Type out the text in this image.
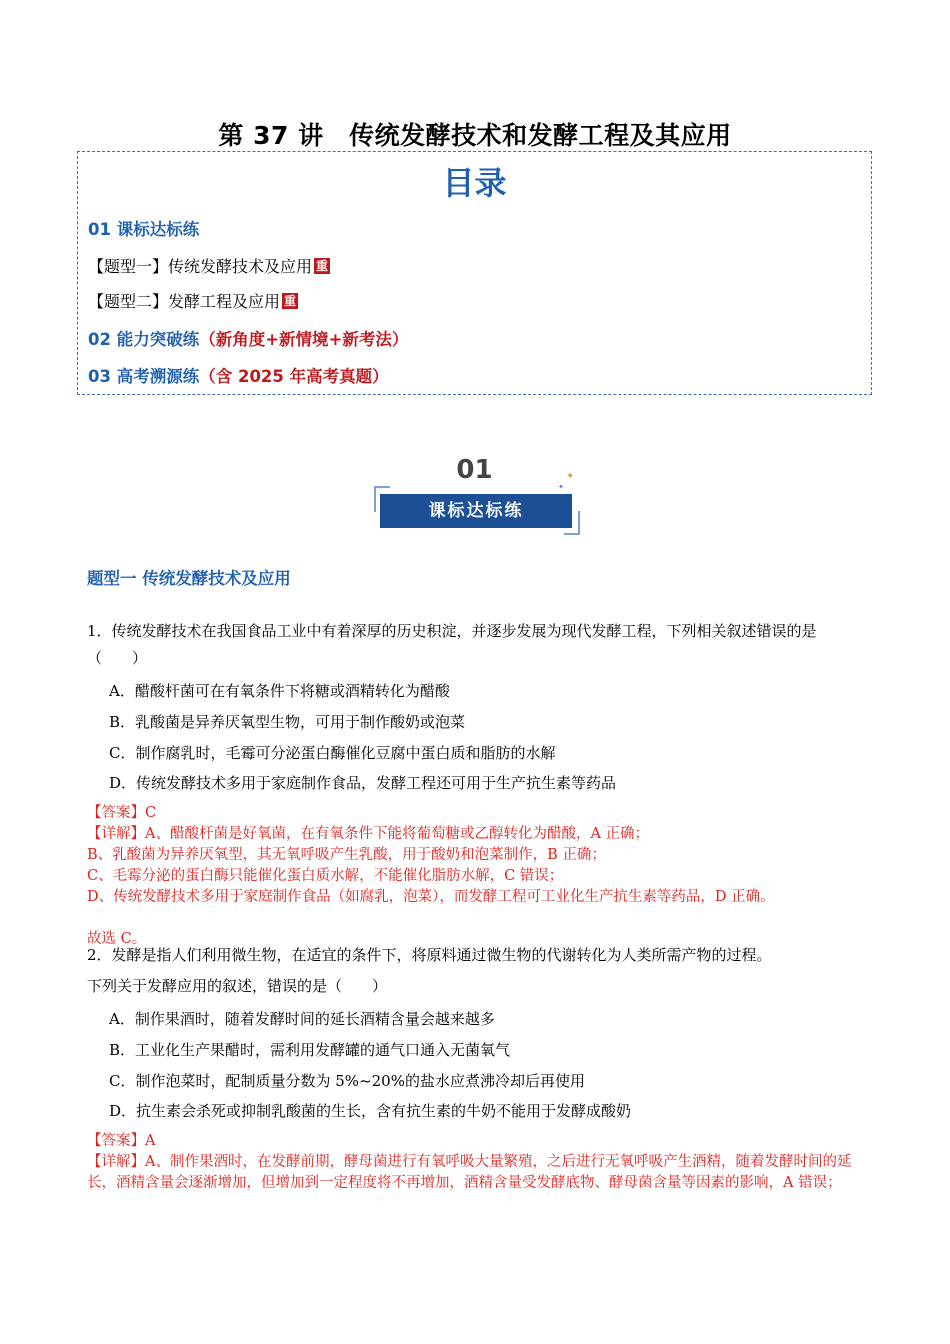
第 37 讲　传统发酵技术和发酵工程及其应用
目录
01 课标达标练
【题型一】传统发酵技术及应用 重
【题型二】发酵工程及应用 重
02 能力突破练（新角度+新情境+新考法）
03 高考溯源练（含 2025 年高考真题）
01	✦
✦
课标达标练
题型一 传统发酵技术及应用

1．传统发酵技术在我国食品工业中有着深厚的历史积淀，并逐步发展为现代发酵工程，下列相关叙述错误的是（　　）

A．醋酸杆菌可在有氧条件下将糖或酒精转化为醋酸

B．乳酸菌是异养厌氧型生物，可用于制作酸奶或泡菜

C．制作腐乳时，毛霉可分泌蛋白酶催化豆腐中蛋白质和脂肪的水解

D．传统发酵技术多用于家庭制作食品，发酵工程还可用于生产抗生素等药品

【答案】C

【详解】A、醋酸杆菌是好氧菌，在有氧条件下能将葡萄糖或乙醇转化为醋酸，A 正确；

B、乳酸菌为异养厌氧型，其无氧呼吸产生乳酸，用于酸奶和泡菜制作，B 正确；

C、毛霉分泌的蛋白酶只能催化蛋白质水解，不能催化脂肪水解，C 错误；

D、传统发酵技术多用于家庭制作食品（如腐乳，泡菜），而发酵工程可工业化生产抗生素等药品，D 正确。

故选 C。

2．发酵是指人们利用微生物，在适宜的条件下，将原料通过微生物的代谢转化为人类所需产物的过程。

下列关于发酵应用的叙述，错误的是（　　）

A．制作果酒时，随着发酵时间的延长酒精含量会越来越多

B．工业化生产果醋时，需利用发酵罐的通气口通入无菌氧气

C．制作泡菜时，配制质量分数为 5%~20%的盐水应煮沸冷却后再使用

D．抗生素会杀死或抑制乳酸菌的生长，含有抗生素的牛奶不能用于发酵成酸奶

【答案】A

【详解】A、制作果酒时，在发酵前期，酵母菌进行有氧呼吸大量繁殖，之后进行无氧呼吸产生酒精，随着发酵时间的延长，酒精含量会逐渐增加，但增加到一定程度将不再增加，酒精含量受发酵底物、酵母菌含量等因素的影响，A 错误；
